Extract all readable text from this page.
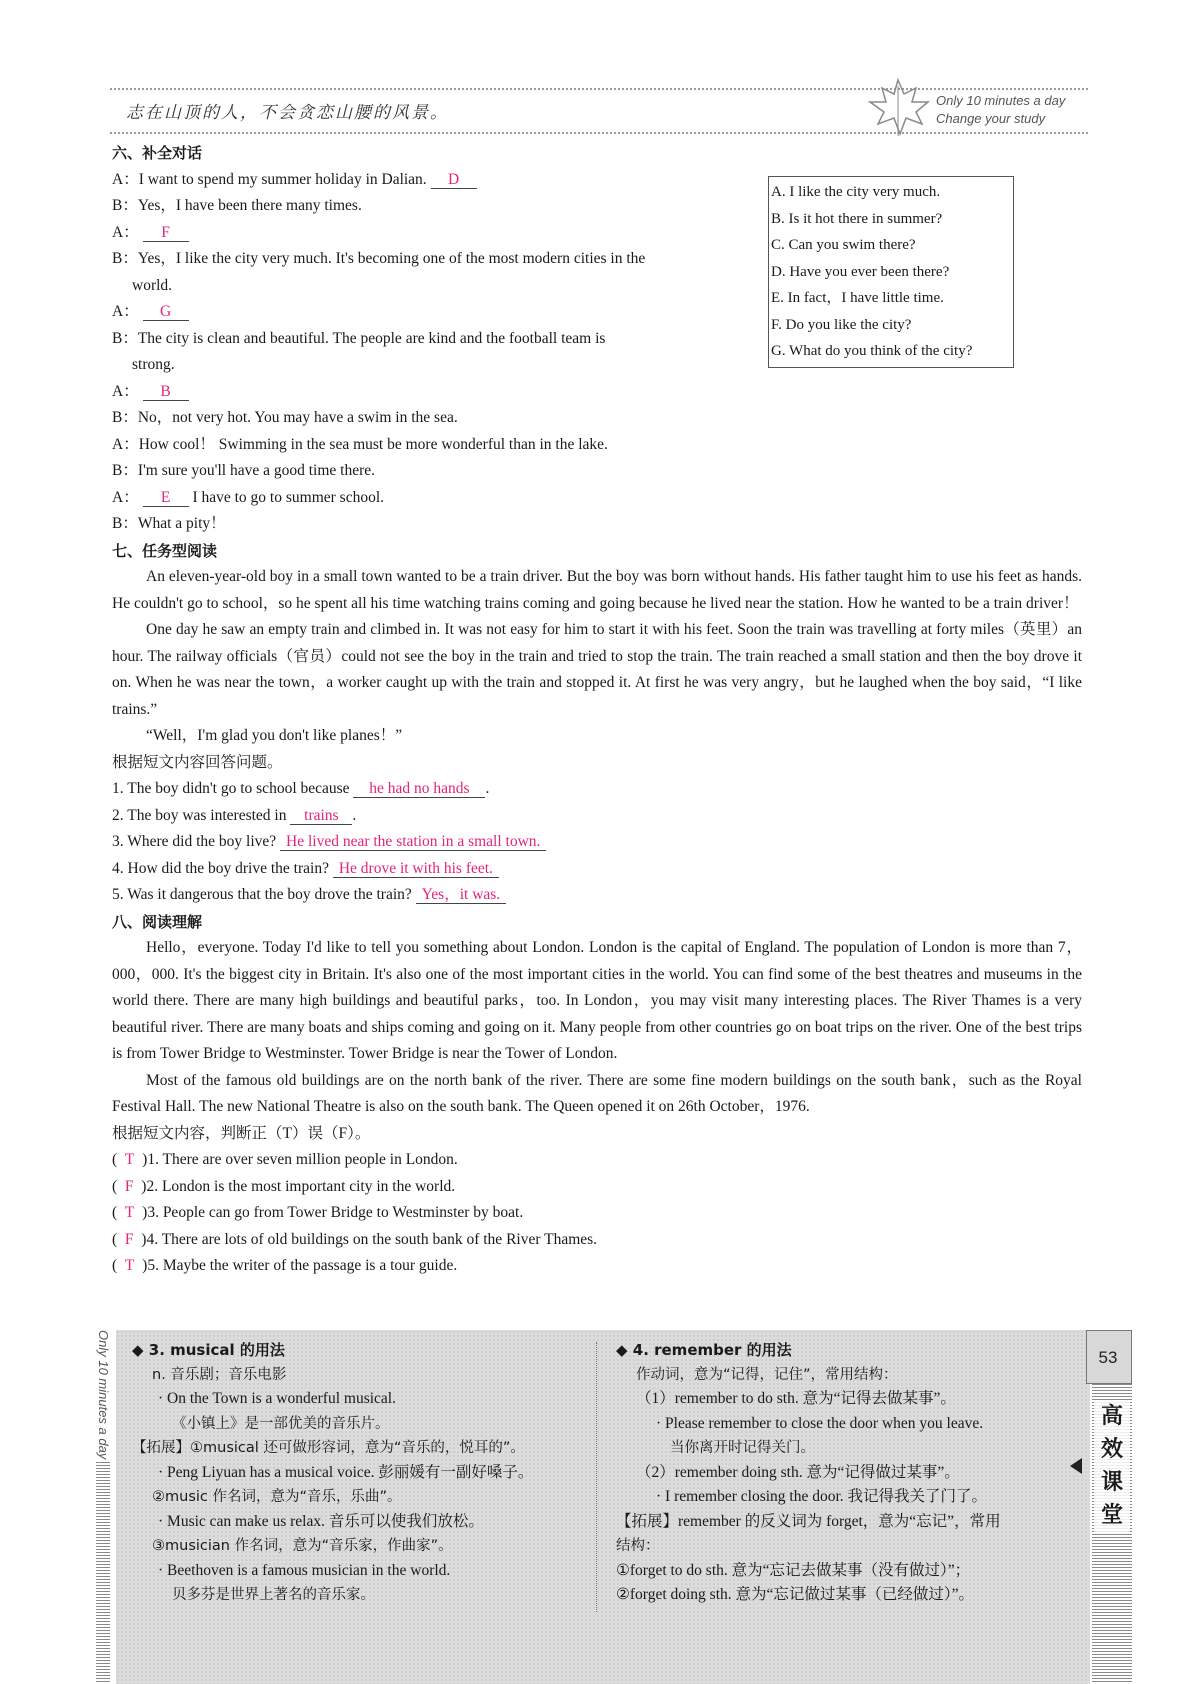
志在山顶的人，不会贪恋山腰的风景。
Only 10 minutes a day
Change your study
A. I like the city very much.
B. Is it hot there in summer?
C. Can you swim there?
D. Have you ever been there?
E. In fact，I have little time.
F. Do you like the city?
G. What do you think of the city?
六、补全对话
A：I want to spend my summer holiday in Dalian. D
B：Yes，I have been there many times.
A： F
B：Yes，I like the city very much. It's becoming one of the most modern cities in the
world.
A： G
B：The city is clean and beautiful. The people are kind and the football team is
strong.
A： B
B：No，not very hot. You may have a swim in the sea.
A：How cool！ Swimming in the sea must be more wonderful than in the lake.
B：I'm sure you'll have a good time there.
A： E I have to go to summer school.
B：What a pity！
七、任务型阅读
An eleven-year-old boy in a small town wanted to be a train driver. But the boy was born without hands. His father taught him to use his feet as hands. He couldn't go to school，so he spent all his time watching trains coming and going because he lived near the station. How he wanted to be a train driver！
One day he saw an empty train and climbed in. It was not easy for him to start it with his feet. Soon the train was travelling at forty miles（英里）an hour. The railway officials（官员）could not see the boy in the train and tried to stop the train. The train reached a small station and then the boy drove it on. When he was near the town，a worker caught up with the train and stopped it. At first he was very angry，but he laughed when the boy said，“I like trains.”
“Well，I'm glad you don't like planes！”
根据短文内容回答问题。
1. The boy didn't go to school because he had no hands .
2. The boy was interested in trains .
3. Where did the boy live? He lived near the station in a small town.
4. How did the boy drive the train? He drove it with his feet.
5. Was it dangerous that the boy drove the train? Yes，it was.
八、阅读理解
Hello，everyone. Today I'd like to tell you something about London. London is the capital of England. The population of London is more than 7，000，000. It's the biggest city in Britain. It's also one of the most important cities in the world. You can find some of the best theatres and museums in the world there. There are many high buildings and beautiful parks，too. In London，you may visit many interesting places. The River Thames is a very beautiful river. There are many boats and ships coming and going on it. Many people from other countries go on boat trips on the river. One of the best trips is from Tower Bridge to Westminster. Tower Bridge is near the Tower of London.
Most of the famous old buildings are on the north bank of the river. There are some fine modern buildings on the south bank，such as the Royal Festival Hall. The new National Theatre is also on the south bank. The Queen opened it on 26th October，1976.
根据短文内容，判断正（T）误（F）。
(  T  )1. There are over seven million people in London.
(  F  )2. London is the most important city in the world.
(  T  )3. People can go from Tower Bridge to Westminster by boat.
(  F  )4. There are lots of old buildings on the south bank of the River Thames.
(  T  )5. Maybe the writer of the passage is a tour guide.
Only 10 minutes a day ◆ 3. musical 的用法
n. 音乐剧；音乐电影
· On the Town is a wonderful musical.
《小镇上》是一部优美的音乐片。
【拓展】①musical 还可做形容词，意为“音乐的，悦耳的”。
· Peng Liyuan has a musical voice. 彭丽媛有一副好嗓子。
②music 作名词，意为“音乐，乐曲”。
· Music can make us relax. 音乐可以使我们放松。
③musician 作名词，意为“音乐家，作曲家”。
· Beethoven is a famous musician in the world.
贝多芬是世界上著名的音乐家。
◆ 4. remember 的用法
作动词，意为“记得，记住”，常用结构：
（1）remember to do sth. 意为“记得去做某事”。
· Please remember to close the door when you leave.
当你离开时记得关门。
（2）remember doing sth. 意为“记得做过某事”。
· I remember closing the door. 我记得我关了门了。
【拓展】remember 的反义词为 forget，意为“忘记”，常用
结构：
①forget to do sth. 意为“忘记去做某事（没有做过）”；
②forget doing sth. 意为“忘记做过某事（已经做过）”。
53
高
效
课
堂
